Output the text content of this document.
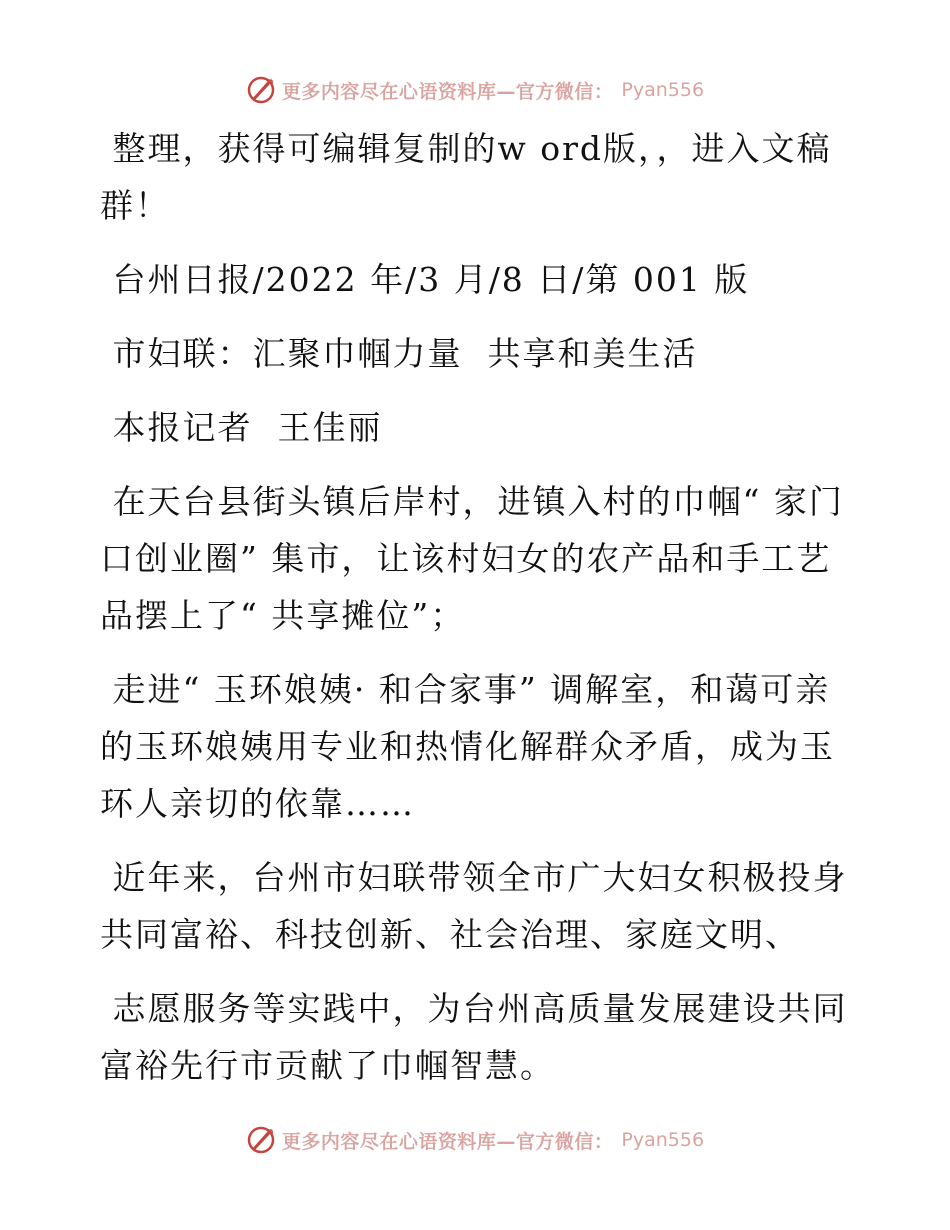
更多内容尽在心语资料库—官方微信： Pyan556

整理，获得可编辑复制的w ord版，，进入文稿群！

台州日报/2022 年/3 月/8 日/第 001 版

市妇联：汇聚巾帼力量  共享和美生活

本报记者  王佳丽

在天台县街头镇后岸村，进镇入村的巾帼“ 家门口创业圈” 集市，让该村妇女的农产品和手工艺品摆上了“ 共享摊位”；

走进“ 玉环娘姨· 和合家事” 调解室，和蔼可亲的玉环娘姨用专业和热情化解群众矛盾，成为玉环人亲切的依靠……

近年来，台州市妇联带领全市广大妇女积极投身共同富裕、科技创新、社会治理、家庭文明、

志愿服务等实践中，为台州高质量发展建设共同富裕先行市贡献了巾帼智慧。

更多内容尽在心语资料库—官方微信： Pyan556
